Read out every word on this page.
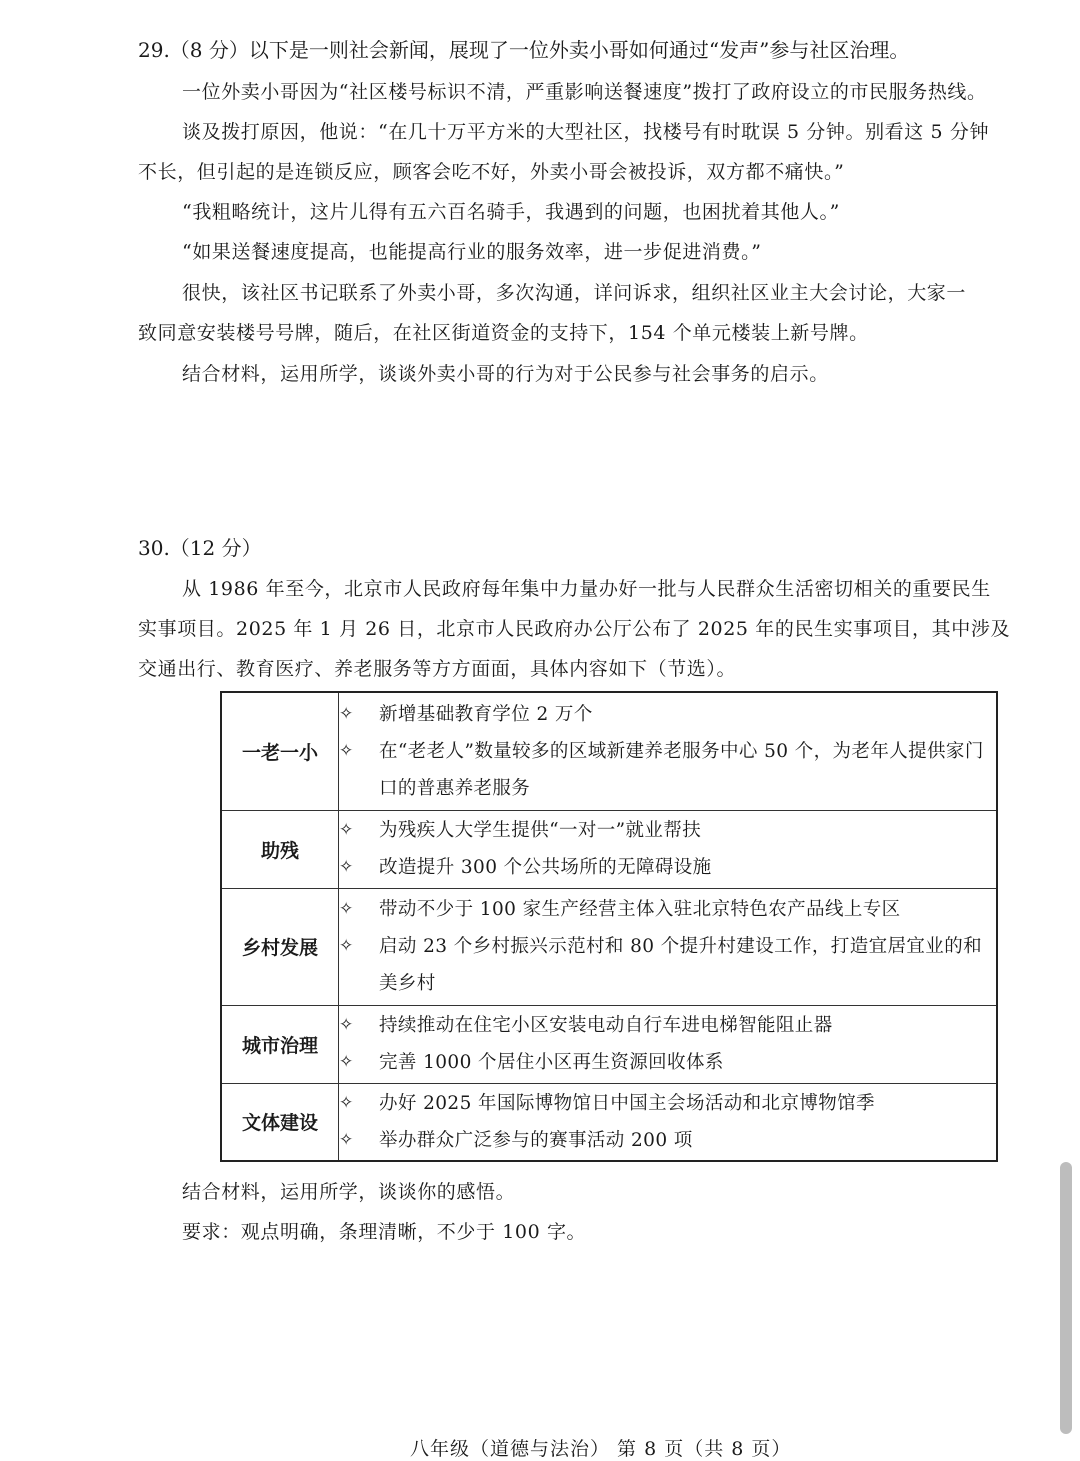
29.（8 分）以下是一则社会新闻，展现了一位外卖小哥如何通过“发声”参与社区治理。
一位外卖小哥因为“社区楼号标识不清，严重影响送餐速度”拨打了政府设立的市民服务热线。
谈及拨打原因，他说：“在几十万平方米的大型社区，找楼号有时耽误 5 分钟。别看这 5 分钟
不长，但引起的是连锁反应，顾客会吃不好，外卖小哥会被投诉，双方都不痛快。”
“我粗略统计，这片儿得有五六百名骑手，我遇到的问题，也困扰着其他人。”
“如果送餐速度提高，也能提高行业的服务效率，进一步促进消费。”
很快，该社区书记联系了外卖小哥，多次沟通，详问诉求，组织社区业主大会讨论，大家一
致同意安装楼号号牌，随后，在社区街道资金的支持下，154 个单元楼装上新号牌。
结合材料，运用所学，谈谈外卖小哥的行为对于公民参与社会事务的启示。
30.（12 分）
从 1986 年至今，北京市人民政府每年集中力量办好一批与人民群众生活密切相关的重要民生
实事项目。2025 年 1 月 26 日，北京市人民政府办公厅公布了 2025 年的民生实事项目，其中涉及
交通出行、教育医疗、养老服务等方方面面，具体内容如下（节选）。
一老一小	✧ 新增基础教育学位 2 万个
✧ 在“老老人”数量较多的区域新建养老服务中心 50 个，为老年人提供家门口的普惠养老服务

助残	✧ 为残疾人大学生提供“一对一”就业帮扶
✧ 改造提升 300 个公共场所的无障碍设施

乡村发展	✧ 带动不少于 100 家生产经营主体入驻北京特色农产品线上专区
✧ 启动 23 个乡村振兴示范村和 80 个提升村建设工作，打造宜居宜业的和美乡村

城市治理	✧ 持续推动在住宅小区安装电动自行车进电梯智能阻止器
✧ 完善 1000 个居住小区再生资源回收体系

文体建设	✧ 办好 2025 年国际博物馆日中国主会场活动和北京博物馆季
✧ 举办群众广泛参与的赛事活动 200 项
结合材料，运用所学，谈谈你的感悟。
要求：观点明确，条理清晰，不少于 100 字。
八年级（道德与法治） 第 8 页（共 8 页）
